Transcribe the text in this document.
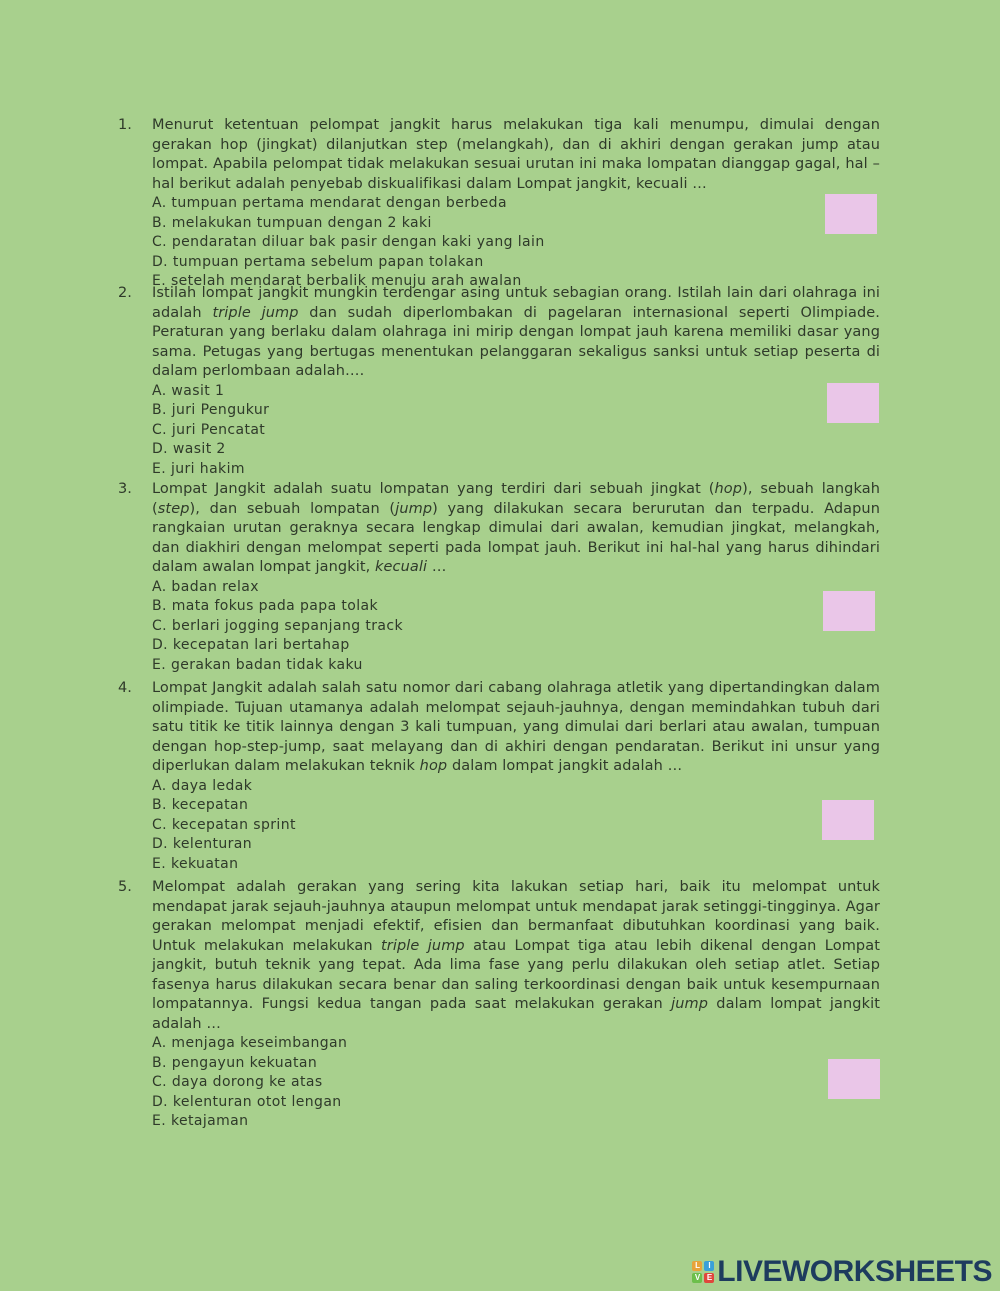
1.	Menurut ketentuan pelompat jangkit harus melakukan tiga kali menumpu, dimulai dengan gerakan hop (jingkat) dilanjutkan step (melangkah), dan di akhiri dengan gerakan jump atau lompat. Apabila pelompat tidak melakukan sesuai urutan ini maka lompatan dianggap gagal, hal – hal berikut adalah penyebab diskualifikasi dalam Lompat jangkit, kecuali …
A. tumpuan pertama mendarat dengan berbeda
B. melakukan tumpuan dengan 2 kaki
C. pendaratan diluar bak pasir dengan kaki yang lain
D. tumpuan pertama sebelum papan tolakan
E. setelah mendarat berbalik menuju arah awalan
2.	Istilah lompat jangkit mungkin terdengar asing untuk sebagian orang. Istilah lain dari olahraga ini adalah triple jump dan sudah diperlombakan di pagelaran internasional seperti Olimpiade. Peraturan yang berlaku dalam olahraga ini mirip dengan lompat jauh karena memiliki dasar yang sama. Petugas yang bertugas menentukan pelanggaran sekaligus sanksi untuk setiap peserta di dalam perlombaan adalah….
A. wasit 1
B. juri Pengukur
C. juri Pencatat
D. wasit 2
E. juri hakim
3.	Lompat Jangkit adalah suatu lompatan yang terdiri dari sebuah jingkat (hop), sebuah langkah (step), dan sebuah lompatan (jump) yang dilakukan secara berurutan dan terpadu. Adapun rangkaian urutan geraknya secara lengkap dimulai dari awalan, kemudian jingkat, melangkah, dan diakhiri dengan melompat seperti pada lompat jauh. Berikut ini hal-hal yang harus dihindari dalam awalan lompat jangkit, kecuali …
A. badan relax
B. mata fokus pada papa tolak
C. berlari jogging sepanjang track
D. kecepatan lari bertahap
E. gerakan badan tidak kaku
4.	Lompat Jangkit adalah salah satu nomor dari cabang olahraga atletik yang dipertandingkan dalam olimpiade. Tujuan utamanya adalah melompat sejauh-jauhnya, dengan memindahkan tubuh dari satu titik ke titik lainnya dengan 3 kali tumpuan, yang dimulai dari berlari atau awalan, tumpuan dengan hop-step-jump, saat melayang dan di akhiri dengan pendaratan. Berikut ini unsur yang diperlukan dalam melakukan teknik hop dalam lompat jangkit adalah …
A. daya ledak
B. kecepatan
C. kecepatan sprint
D. kelenturan
E. kekuatan
5.	Melompat adalah gerakan yang sering kita lakukan setiap hari, baik itu melompat untuk mendapat jarak sejauh-jauhnya ataupun melompat untuk mendapat jarak setinggi-tingginya. Agar gerakan melompat menjadi efektif, efisien dan bermanfaat dibutuhkan koordinasi yang baik. Untuk melakukan melakukan triple jump atau Lompat tiga atau lebih dikenal dengan Lompat jangkit, butuh teknik yang tepat. Ada lima fase yang perlu dilakukan oleh setiap atlet. Setiap fasenya harus dilakukan secara benar dan saling terkoordinasi dengan baik untuk kesempurnaan lompatannya. Fungsi kedua tangan pada saat melakukan gerakan jump dalam lompat jangkit adalah …
A. menjaga keseimbangan
B. pengayun kekuatan
C. daya dorong ke atas
D. kelenturan otot lengan
E. ketajaman
L	I
V E LIVEWORKSHEETS
